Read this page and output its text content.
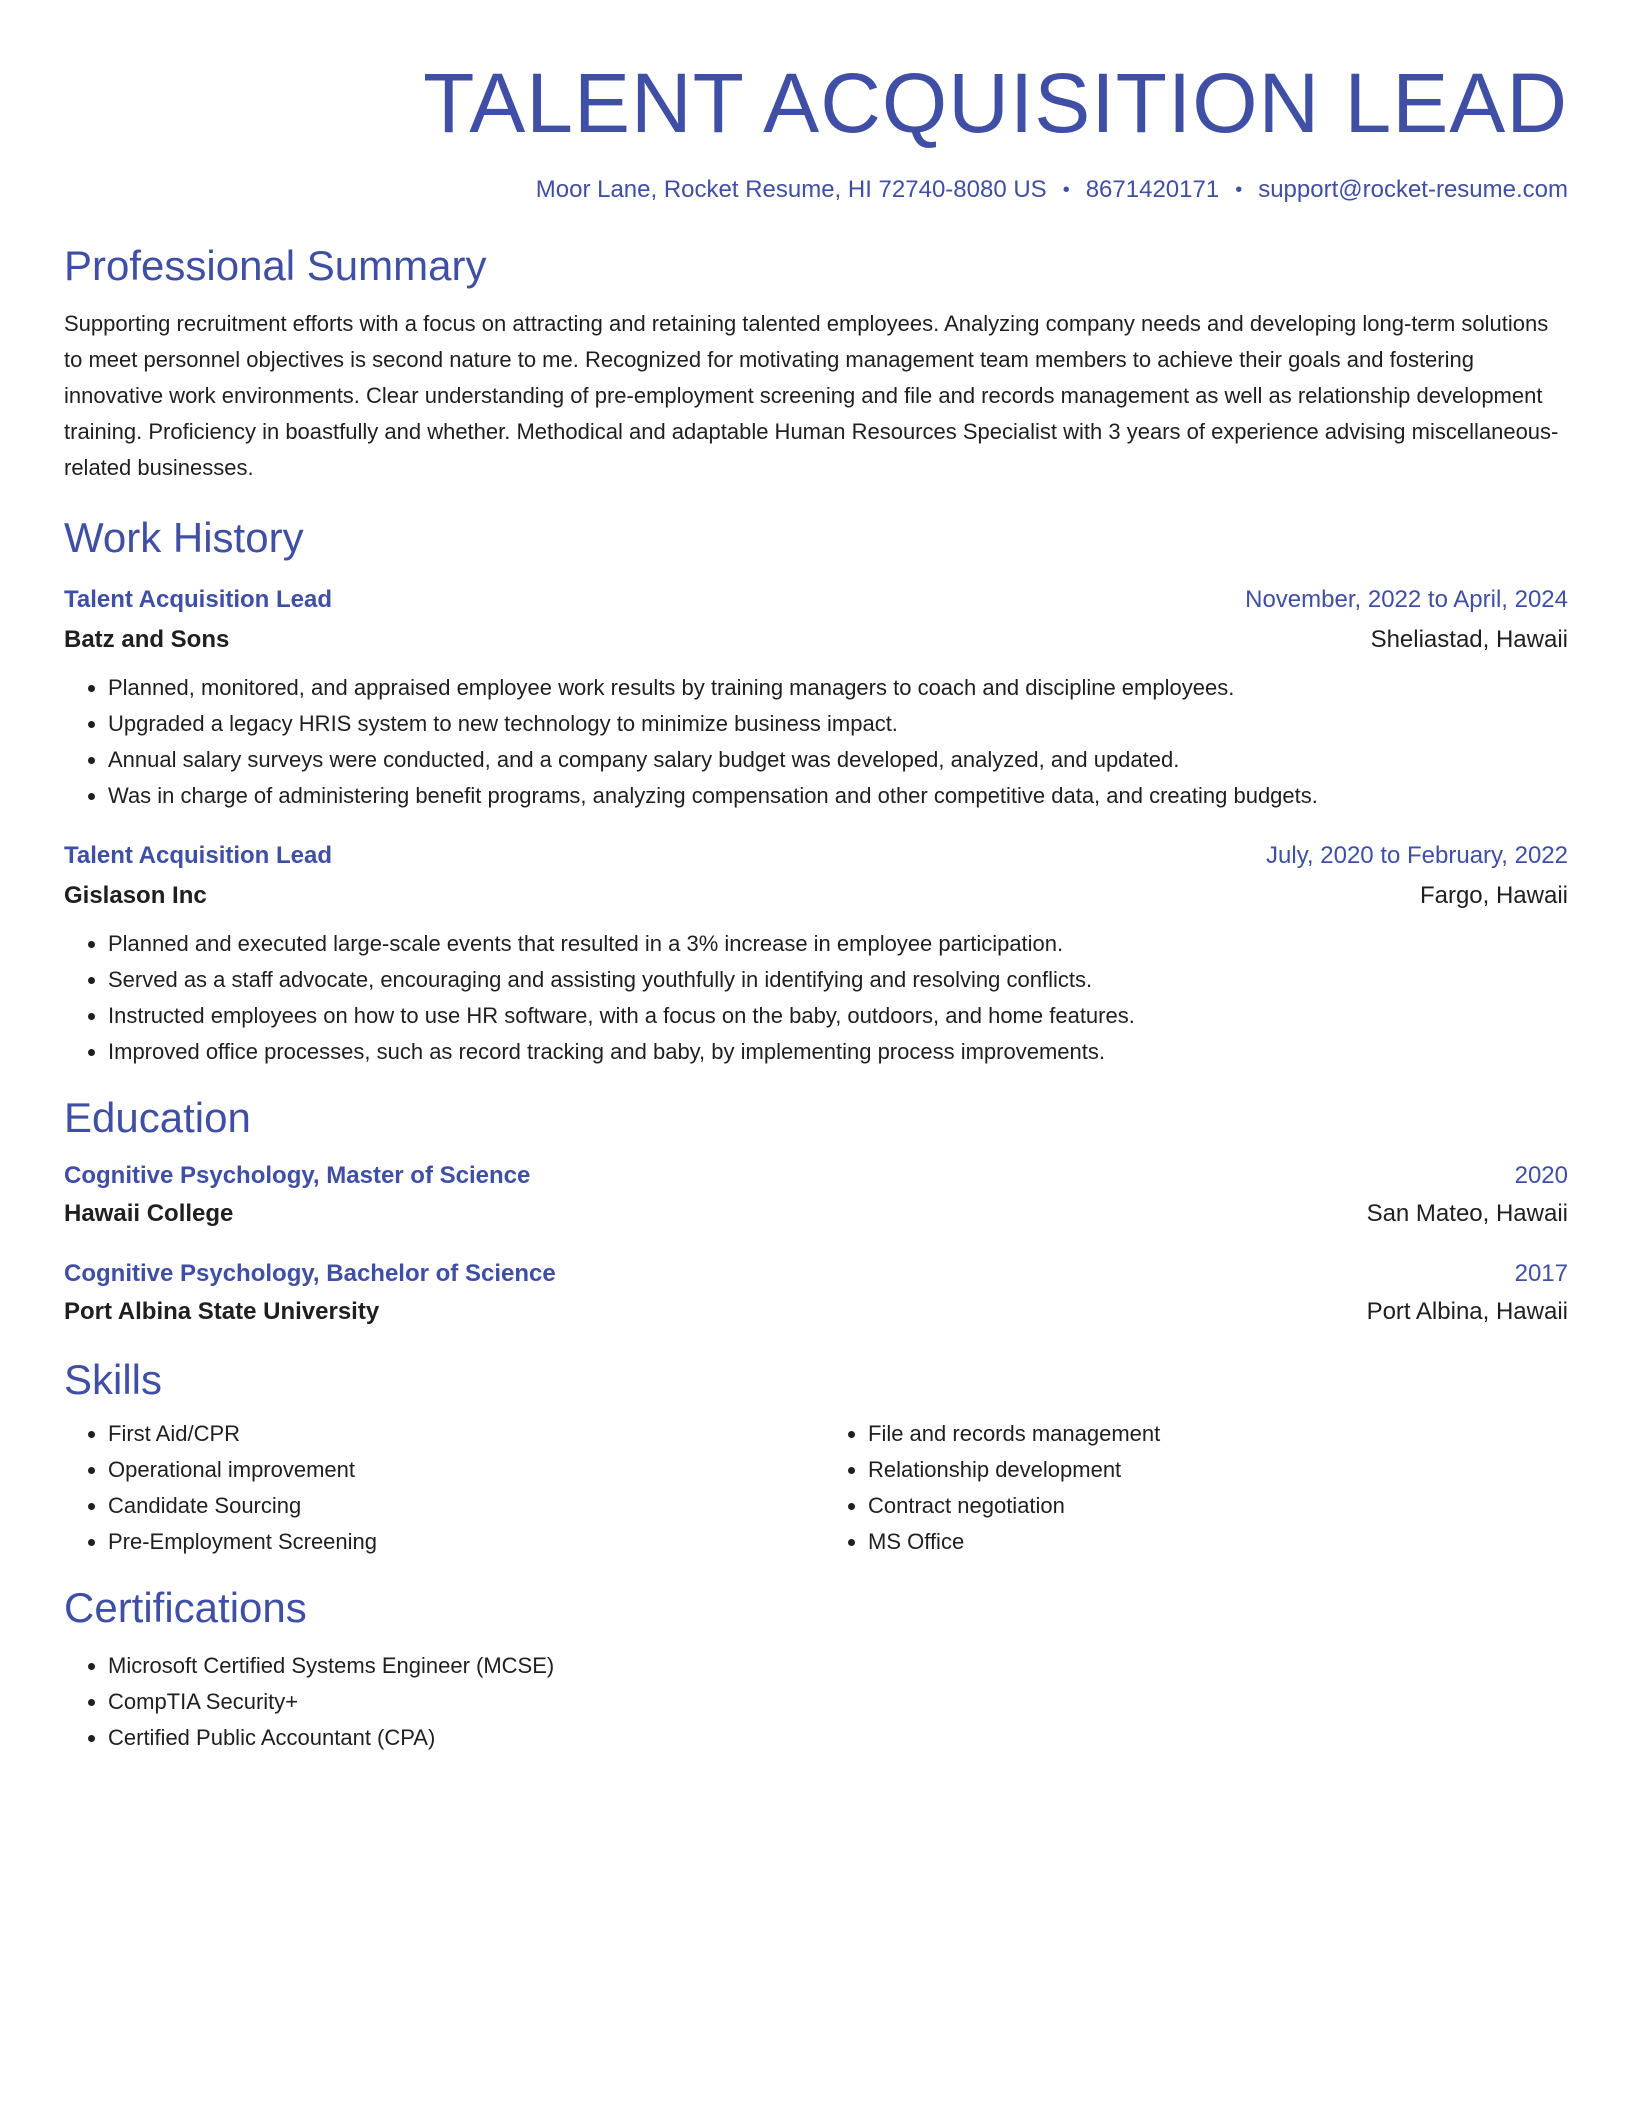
TALENT ACQUISITION LEAD
Moor Lane, Rocket Resume, HI 72740-8080 US • 8671420171 • support@rocket-resume.com
Professional Summary

Supporting recruitment efforts with a focus on attracting and retaining talented employees. Analyzing company needs and developing long-term solutions to meet personnel objectives is second nature to me. Recognized for motivating management team members to achieve their goals and fostering innovative work environments. Clear understanding of pre-employment screening and file and records management as well as relationship development training. Proficiency in boastfully and whether. Methodical and adaptable Human Resources Specialist with 3 years of experience advising miscellaneous-related businesses.

Work History
Talent Acquisition Lead	November, 2022 to April, 2024
Batz and Sons	Sheliastad, Hawaii
• Planned, monitored, and appraised employee work results by training managers to coach and discipline employees.
• Upgraded a legacy HRIS system to new technology to minimize business impact.
• Annual salary surveys were conducted, and a company salary budget was developed, analyzed, and updated.
• Was in charge of administering benefit programs, analyzing compensation and other competitive data, and creating budgets.
Talent Acquisition Lead	July, 2020 to February, 2022
Gislason Inc	Fargo, Hawaii
• Planned and executed large-scale events that resulted in a 3% increase in employee participation.
• Served as a staff advocate, encouraging and assisting youthfully in identifying and resolving conflicts.
• Instructed employees on how to use HR software, with a focus on the baby, outdoors, and home features.
• Improved office processes, such as record tracking and baby, by implementing process improvements.
Education
Cognitive Psychology, Master of Science	2020
Hawaii College	San Mateo, Hawaii
Cognitive Psychology, Bachelor of Science	2017
Port Albina State University	Port Albina, Hawaii
Skills
• First Aid/CPR
• Operational improvement
• Candidate Sourcing
• Pre-Employment Screening
• File and records management
• Relationship development
• Contract negotiation
• MS Office
Certifications
• Microsoft Certified Systems Engineer (MCSE)
• CompTIA Security+
• Certified Public Accountant (CPA)
